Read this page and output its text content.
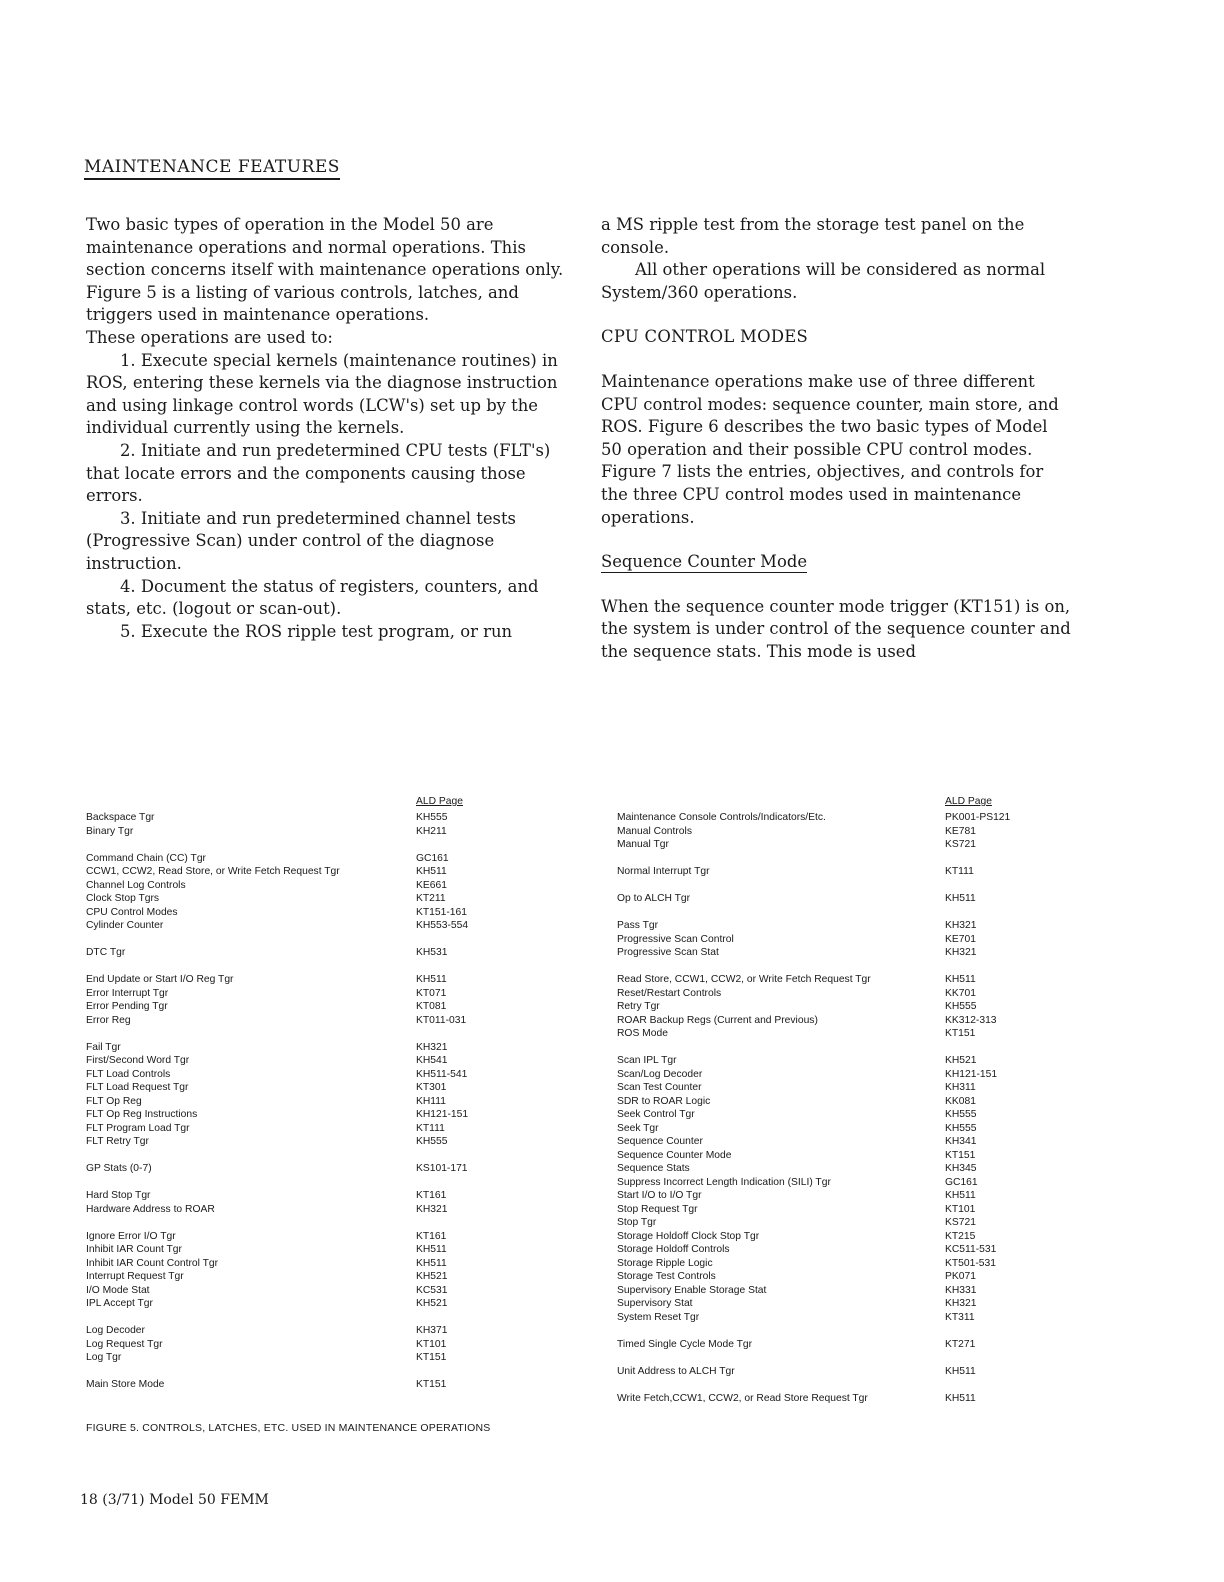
MAINTENANCE FEATURES

Two basic types of operation in the Model 50 are maintenance operations and normal operations. This section concerns itself with maintenance operations only. Figure 5 is a listing of various controls, latches, and triggers used in maintenance operations.

These operations are used to:

1. Execute special kernels (maintenance routines) in ROS, entering these kernels via the diagnose instruction and using linkage control words (LCW's) set up by the individual currently using the kernels.

2. Initiate and run predetermined CPU tests (FLT's) that locate errors and the components causing those errors.

3. Initiate and run predetermined channel tests (Progressive Scan) under control of the diagnose instruction.

4. Document the status of registers, counters, and stats, etc. (logout or scan-out).

5. Execute the ROS ripple test program, or run

a MS ripple test from the storage test panel on the console.

All other operations will be considered as normal System/360 operations.

CPU CONTROL MODES

Maintenance operations make use of three different CPU control modes: sequence counter, main store, and ROS. Figure 6 describes the two basic types of Model 50 operation and their possible CPU control modes. Figure 7 lists the entries, objectives, and controls for the three CPU control modes used in maintenance operations.

Sequence Counter Mode

When the sequence counter mode trigger (KT151) is on, the system is under control of the sequence counter and the sequence stats. This mode is used

ALD Page
Backspace Tgr	KH555
Binary Tgr	KH211
Command Chain (CC) Tgr	GC161
CCW1, CCW2, Read Store, or Write Fetch Request Tgr	KH511
Channel Log Controls	KE661
Clock Stop Tgrs	KT211
CPU Control Modes	KT151-161
Cylinder Counter	KH553-554
DTC Tgr	KH531
End Update or Start I/O Reg Tgr	KH511
Error Interrupt Tgr	KT071
Error Pending Tgr	KT081
Error Reg	KT011-031
Fail Tgr	KH321
First/Second Word Tgr	KH541
FLT Load Controls	KH511-541
FLT Load Request Tgr	KT301
FLT Op Reg	KH111
FLT Op Reg Instructions	KH121-151
FLT Program Load Tgr	KT111
FLT Retry Tgr	KH555
GP Stats (0-7)	KS101-171
Hard Stop Tgr	KT161
Hardware Address to ROAR	KH321
Ignore Error I/O Tgr	KT161
Inhibit IAR Count Tgr	KH511
Inhibit IAR Count Control Tgr	KH511
Interrupt Request Tgr	KH521
I/O Mode Stat	KC531
IPL Accept Tgr	KH521
Log Decoder	KH371
Log Request Tgr	KT101
Log Tgr	KT151
Main Store Mode	KT151
ALD Page
Maintenance Console Controls/Indicators/Etc.	PK001-PS121
Manual Controls	KE781
Manual Tgr	KS721
Normal Interrupt Tgr	KT111
Op to ALCH Tgr	KH511
Pass Tgr	KH321
Progressive Scan Control	KE701
Progressive Scan Stat	KH321
Read Store, CCW1, CCW2, or Write Fetch Request Tgr	KH511
Reset/Restart Controls	KK701
Retry Tgr	KH555
ROAR Backup Regs (Current and Previous)	KK312-313
ROS Mode	KT151
Scan IPL Tgr	KH521
Scan/Log Decoder	KH121-151
Scan Test Counter	KH311
SDR to ROAR Logic	KK081
Seek Control Tgr	KH555
Seek Tgr	KH555
Sequence Counter	KH341
Sequence Counter Mode	KT151
Sequence Stats	KH345
Suppress Incorrect Length Indication (SILI) Tgr	GC161
Start I/O to I/O Tgr	KH511
Stop Request Tgr	KT101
Stop Tgr	KS721
Storage Holdoff Clock Stop Tgr	KT215
Storage Holdoff Controls	KC511-531
Storage Ripple Logic	KT501-531
Storage Test Controls	PK071
Supervisory Enable Storage Stat	KH331
Supervisory Stat	KH321
System Reset Tgr	KT311
Timed Single Cycle Mode Tgr	KT271
Unit Address to ALCH Tgr	KH511
Write Fetch,CCW1, CCW2, or Read Store Request Tgr	KH511
FIGURE 5. CONTROLS, LATCHES, ETC. USED IN MAINTENANCE OPERATIONS
18 (3/71) Model 50 FEMM
